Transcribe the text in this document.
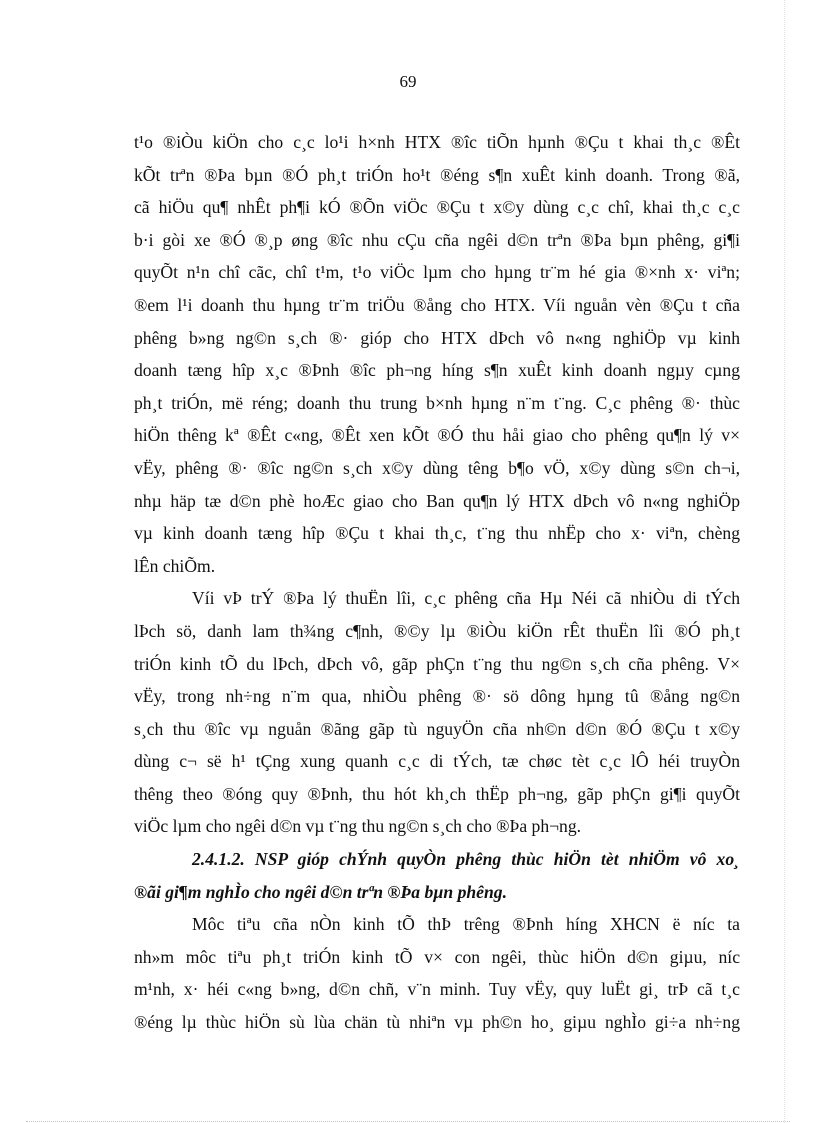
69
t¹o ®iÒu kiÖn cho c¸c lo¹i h×nh HTX ®îc tiÕn hµnh ®Çu t khai th¸c ®Êt
kÕt trªn ®Þa bµn ®Ó ph¸t triÓn ho¹t ®éng s¶n xuÊt kinh doanh. Trong ®ã,
cã hiÖu qu¶ nhÊt ph¶i kÓ ®Õn viÖc ®Çu t x©y dùng c¸c chî, khai th¸c c¸c
b·i gòi xe ®Ó ®¸p øng ®îc nhu cÇu cña ngêi d©n trªn ®Þa bµn phêng, gi¶i
quyÕt n¹n chî cãc, chî t¹m, t¹o viÖc lµm cho hµng tr¨m hé gia ®×nh x· viªn;
®em l¹i doanh thu hµng tr¨m triÖu ®ång cho HTX. Víi nguån vèn ®Çu t cña
phêng b»ng ng©n s¸ch ®· gióp cho HTX dÞch vô n«ng nghiÖp vµ kinh
doanh tæng hîp x¸c ®Þnh ®îc ph¬ng híng s¶n xuÊt kinh doanh ngµy cµng
ph¸t triÓn, më réng; doanh thu trung b×nh hµng n¨m t¨ng. C¸c phêng ®· thùc
hiÖn thêng kª ®Êt c«ng, ®Êt xen kÕt ®Ó thu håi giao cho phêng qu¶n lý v×
vËy, phêng ®· ®îc ng©n s¸ch x©y dùng têng b¶o vÖ, x©y dùng s©n ch¬i,
nhµ häp tæ d©n phè hoÆc giao cho Ban qu¶n lý HTX dÞch vô n«ng nghiÖp
vµ kinh doanh tæng hîp ®Çu t khai th¸c, t¨ng thu nhËp cho x· viªn, chèng
lÊn chiÕm.
Víi vÞ trÝ ®Þa lý thuËn lîi, c¸c phêng cña Hµ Néi cã nhiÒu di tÝch
lÞch sö, danh lam th¾ng c¶nh, ®©y lµ ®iÒu kiÖn rÊt thuËn lîi ®Ó ph¸t
triÓn kinh tÕ du lÞch, dÞch vô, gãp phÇn t¨ng thu ng©n s¸ch cña phêng. V×
vËy, trong nh÷ng n¨m qua, nhiÒu phêng ®· sö dông hµng tû ®ång ng©n
s¸ch thu ®îc vµ nguån ®ãng gãp tù nguyÖn cña nh©n d©n ®Ó ®Çu t x©y
dùng c¬ së h¹ tÇng xung quanh c¸c di tÝch, tæ chøc tèt c¸c lÔ héi truyÒn
thêng theo ®óng quy ®Þnh, thu hót kh¸ch thËp ph¬ng, gãp phÇn gi¶i quyÕt
viÖc lµm cho ngêi d©n vµ t¨ng thu ng©n s¸ch cho ®Þa ph¬ng.
2.4.1.2. NSP gióp chÝnh quyÒn phêng thùc hiÖn tèt nhiÖm vô xo¸
®ãi gi¶m nghÌo cho ngêi d©n trªn ®Þa bµn phêng.
Môc tiªu cña nÒn kinh tÕ thÞ trêng ®Þnh híng XHCN ë níc ta
nh»m môc tiªu ph¸t triÓn kinh tÕ v× con ngêi, thùc hiÖn d©n giµu, níc
m¹nh, x· héi c«ng b»ng, d©n chñ, v¨n minh. Tuy vËy, quy luËt gi¸ trÞ cã t¸c
®éng lµ thùc hiÖn sù lùa chän tù nhiªn vµ ph©n ho¸ giµu nghÌo gi÷a nh÷ng
